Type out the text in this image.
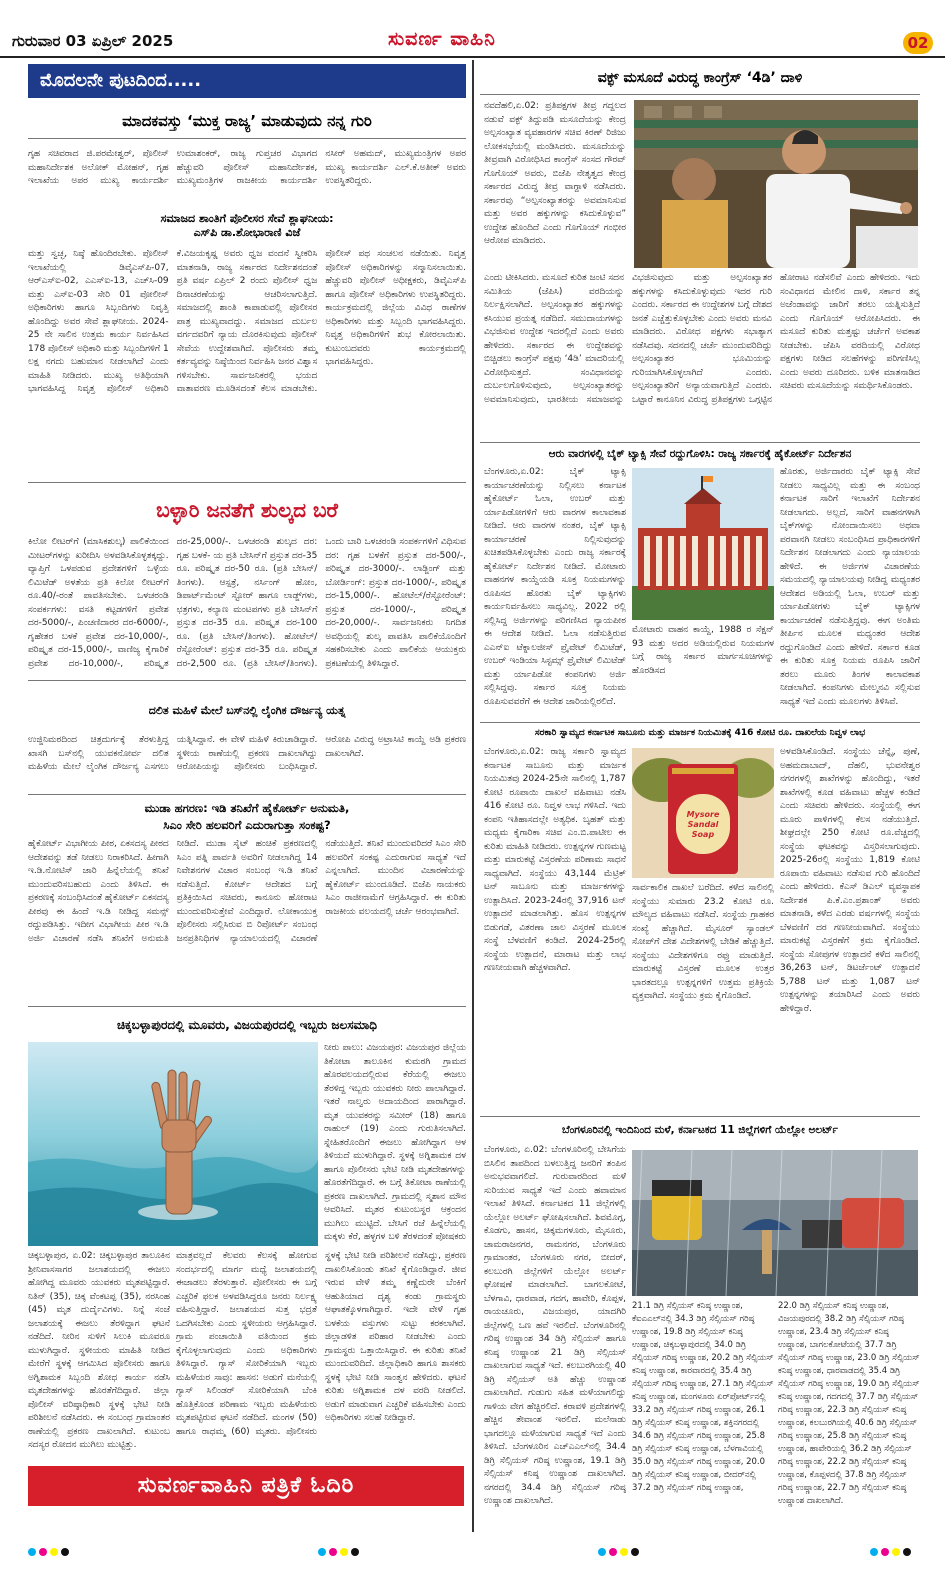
ಗುರುವಾರ 03 ಏಪ್ರಿಲ್ 2025	ಸುವರ್ಣ ವಾಹಿನಿ	02
ಮೊದಲನೇ ಪುಟದಿಂದ.....
ಮಾದಕವಸ್ತು ‘ಮುಕ್ತ ರಾಜ್ಯ’ ಮಾಡುವುದು ನನ್ನ ಗುರಿ
ಗೃಹ ಸಚಿವರಾದ ಜಿ.ಪರಮೇಶ್ವರ್, ಪೊಲೀಸ್ ಮಹಾನಿರ್ದೇಶಕ ಅಲೋಕ್ ಮೋಹನ್, ಗೃಹ ಇಲಾಖೆಯ ಅಪರ ಮುಖ್ಯ ಕಾರ್ಯದರ್ಶಿ ಉಮಾಶಂಕರ್, ರಾಜ್ಯ ಗುಪ್ತಚರ ವಿಭಾಗದ ಹೆಚ್ಚುವರಿ ಪೊಲೀಸ್ ಮಹಾನಿರ್ದೇಶಕ, ಮುಖ್ಯಮಂತ್ರಿಗಳ ರಾಜಕೀಯ ಕಾರ್ಯದರ್ಶಿ ನಸೀರ್ ಅಹಮದ್, ಮುಖ್ಯಮಂತ್ರಿಗಳ ಅಪರ ಮುಖ್ಯ ಕಾರ್ಯದರ್ಶಿ ಎಲ್.ಕೆ.ಅತೀಕ್ ಅವರು ಉಪಸ್ಥಿತರಿದ್ದರು.
ಸಮಾಜದ ಶಾಂತಿಗೆ ಪೊಲೀಸರ ಸೇವೆ ಶ್ಲಾಘನೀಯ:
ಎಸ್‌ಪಿ ಡಾ.ಶೋಭಾರಾಣಿ ವಿಜೆ
ಮತ್ತು ಸ್ವಚ್ಛ, ನಿಷ್ಠೆ ಹೊಂದಿರಬೇಕು. ಪೊಲೀಸ್ ಇಲಾಖೆಯಲ್ಲಿ ಡಿವೈಎಸ್‌ಪಿ-07, ಆರ್‌ಎಸ್‌ಐ-02, ಎಎಸ್‌ಐ-13, ಎಚ್‌ಸಿ-09 ಮತ್ತು ಎಸ್‌ಐ-03 ಸೇರಿ 01 ಪೋಲೀಸ್ ಅಧಿಕಾರಿಗಳು ಹಾಗೂ ಸಿಬ್ಬಂದಿಗಳು ನಿವೃತ್ತಿ ಹೊಂದಿದ್ದು ಅವರ ಸೇವೆ ಶ್ಲಾಘನೀಯ. 2024-25 ನೇ ಸಾಲಿನ ಉತ್ತಮ ಕಾರ್ಯ ನಿರ್ವಹಿಸಿದ 178 ಪೊಲೀಸ್ ಅಧಿಕಾರಿ ಮತ್ತು ಸಿಬ್ಬಂದಿಗಳಿಗೆ 1 ಲಕ್ಷ ನಗದು ಬಹುಮಾನ ನೀಡಲಾಗಿದೆ ಎಂದು ಮಾಹಿತಿ ನೀಡಿದರು. ಮುಖ್ಯ ಅತಿಥಿಯಾಗಿ ಭಾಗವಹಿಸಿದ್ದ ನಿವೃತ್ತ ಪೊಲೀಸ್ ಅಧಿಕಾರಿ ಕೆ.ವಿಜಯಕೃಷ್ಣ ಅವರು ಧ್ವಜ ವಂದನೆ ಸ್ವೀಕರಿಸಿ ಮಾತನಾಡಿ, ರಾಜ್ಯ ಸರ್ಕಾರದ ನಿರ್ದೇಶನದಂತೆ ಪ್ರತಿ ವರ್ಷ ಏಪ್ರಿಲ್ 2 ರಂದು ಪೊಲೀಸ್ ಧ್ವಜ ದಿನಾಚರಣೆಯನ್ನು ಆಚರಿಸಲಾಗುತ್ತಿದೆ. ಸಮಾಜದಲ್ಲಿ ಶಾಂತಿ ಕಾಪಾಡುವಲ್ಲಿ ಪೊಲೀಸರ ಪಾತ್ರ ಮುಖ್ಯವಾದದ್ದು. ಸಮಾಜದ ದುರ್ಬಲ ವರ್ಗದವರಿಗೆ ನ್ಯಾಯ ದೊರಕಿಸುವುದು ಪೊಲೀಸ್ ಸೇವೆಯ ಉದ್ದೇಶವಾಗಿದೆ. ಪೊಲೀಸರು ತಮ್ಮ ಕರ್ತವ್ಯವನ್ನು ನಿಷ್ಠೆಯಿಂದ ನಿರ್ವಹಿಸಿ ಜನರ ವಿಶ್ವಾಸ ಗಳಿಸಬೇಕು. ಸಾರ್ವಜನಿಕರಲ್ಲಿ ಭಯದ ವಾತಾವರಣ ಮೂಡಿಸದಂತೆ ಕೆಲಸ ಮಾಡಬೇಕು. ಪೊಲೀಸ್ ಪಥ ಸಂಚಲನ ನಡೆಯಿತು. ನಿವೃತ್ತ ಪೊಲೀಸ್ ಅಧಿಕಾರಿಗಳನ್ನು ಸನ್ಮಾನಿಸಲಾಯಿತು. ಹೆಚ್ಚುವರಿ ಪೊಲೀಸ್ ಅಧೀಕ್ಷಕರು, ಡಿವೈಎಸ್‌ಪಿ ಹಾಗೂ ಪೊಲೀಸ್ ಅಧಿಕಾರಿಗಳು ಉಪಸ್ಥಿತರಿದ್ದರು. ಕಾರ್ಯಕ್ರಮದಲ್ಲಿ ಜಿಲ್ಲೆಯ ವಿವಿಧ ಠಾಣೆಗಳ ಅಧಿಕಾರಿಗಳು ಮತ್ತು ಸಿಬ್ಬಂದಿ ಭಾಗವಹಿಸಿದ್ದರು. ನಿವೃತ್ತ ಅಧಿಕಾರಿಗಳಿಗೆ ಶುಭ ಕೋರಲಾಯಿತು. ಕುಟುಂಬದವರು ಕಾರ್ಯಕ್ರಮದಲ್ಲಿ ಭಾಗವಹಿಸಿದ್ದರು.
ಬಳ್ಳಾರಿ ಜನತೆಗೆ ಶುಲ್ಕದ ಬರೆ
ಕಿಲೋ ಲೀಟರ್‌ಗೆ (ಮಾಸಿಕಶುಲ್ಕ) ಪಾಲಿಕೆಯಿಂದ ಮೀಟರ್‌ಗಳನ್ನು ಖರೀದಿಸಿ ಅಳವಡಿಸಿಕೊಳ್ಳತಕ್ಕದ್ದು. ವ್ಯಾಪ್ತಿಗೆ ಒಳಪಡುವ ಪ್ರದೇಶಗಳಿಗೆ ಒಳ್ಳೆಯ ಲಿಮಿಟೆಡ್ ಅಳತೆಯ ಪ್ರತಿ ಕಿಲೋ ಲೀಟರ್‌ಗೆ ರೂ.40/-ರಂತೆ ಪಾವತಿಸಬೇಕು. ಒಳಚರಂಡಿ ಸಂಪರ್ಕಗಳು: ವಸತಿ ಕಟ್ಟಡಗಳಿಗೆ ಪ್ರವೇಶ ದರ-5000/-, ಪಿಂಚಣಿದಾರರ ದರ-6000/-, ಗೃಹೇತರ ಬಳಕೆ ಪ್ರವೇಶ ದರ-10,000/-, ಪರಿಷ್ಕೃತ ದರ-15,000/-, ವಾಣಿಜ್ಯ ಕೈಗಾರಿಕೆ ಪ್ರವೇಶ ದರ-10,000/-, ಪರಿಷ್ಕೃತ ದರ-25,000/-. ಒಳಚರಂಡಿ ಶುಲ್ಕದ ದರ: ಗೃಹ ಬಳಕೆ- ಯ ಪ್ರತಿ ಬೇಸಿನ್‌ಗೆ ಪ್ರಸ್ತುತ ದರ-35 ರೂ. ಪರಿಷ್ಕೃತ ದರ-50 ರೂ. (ಪ್ರತಿ ಬೇಸಿನ್/ತಿಂಗಳು). ಆಸ್ಪತ್ರೆ, ನರ್ಸಿಂಗ್ ಹೋಂ, ಡಿಪಾರ್ಟ್‌ಮೆಂಟ್ ಸ್ಟೋರ್ ಹಾಗೂ ಲಾಡ್ಜ್‌ಗಳು, ಛತ್ರಗಳು, ಕಲ್ಯಾಣ ಮಂಟಪಗಳು ಪ್ರತಿ ಬೇಸಿನ್‌ಗೆ ಪ್ರಸ್ತುತ ದರ-35 ರೂ. ಪರಿಷ್ಕೃತ ದರ-100 ರೂ. (ಪ್ರತಿ ಬೇಸಿನ್/ತಿಂಗಳು). ಹೋಟೆಲ್/ರೆಸ್ಟೋರೆಂಟ್: ಪ್ರಸ್ತುತ ದರ-35 ರೂ. ಪರಿಷ್ಕೃತ ದರ-2,500 ರೂ. (ಪ್ರತಿ ಬೇಸಿನ್/ತಿಂಗಳು). ಒಂದು ಬಾರಿ ಒಳಚರಂಡಿ ಸಂಪರ್ಕಗಳಿಗೆ ವಿಧಿಸುವ ದರ: ಗೃಹ ಬಳಕೆಗೆ ಪ್ರಸ್ತುತ ದರ-500/-, ಪರಿಷ್ಕೃತ ದರ-3000/-. ಲಾಡ್ಜಿಂಗ್ ಮತ್ತು ಬೋರ್ಡಿಂಗ್: ಪ್ರಸ್ತುತ ದರ-1000/-, ಪರಿಷ್ಕೃತ ದರ-15,000/-. ಹೋಟೆಲ್/ರೆಸ್ಟೋರೆಂಟ್: ಪ್ರಸ್ತುತ ದರ-1000/-, ಪರಿಷ್ಕೃತ ದರ-20,000/-. ಸಾರ್ವಜನಿಕರು ನಿಗದಿತ ಅವಧಿಯಲ್ಲಿ ಶುಲ್ಕ ಪಾವತಿಸಿ ಪಾಲಿಕೆಯೊಂದಿಗೆ ಸಹಕರಿಸಬೇಕು ಎಂದು ಪಾಲಿಕೆಯ ಆಯುಕ್ತರು ಪ್ರಕಟಣೆಯಲ್ಲಿ ತಿಳಿಸಿದ್ದಾರೆ.
ದಲಿತ ಮಹಿಳೆ ಮೇಲೆ ಬಸ್‌ನಲ್ಲಿ ಲೈಂಗಿಕ ದೌರ್ಜನ್ಯ ಯತ್ನ
ಉಜ್ಜಿನಿಮಠದಿಂದ ಚಿತ್ರದುರ್ಗಕ್ಕೆ ತೆರಳುತ್ತಿದ್ದ ಖಾಸಗಿ ಬಸ್‌ನಲ್ಲಿ ಯುವಕನೋರ್ವ ದಲಿತ ಮಹಿಳೆಯ ಮೇಲೆ ಲೈಂಗಿಕ ದೌರ್ಜನ್ಯ ಎಸಗಲು ಯತ್ನಿಸಿದ್ದಾನೆ. ಈ ವೇಳೆ ಮಹಿಳೆ ಕಿರುಚಾಡಿದ್ದಾರೆ. ಸ್ಥಳೀಯ ಠಾಣೆಯಲ್ಲಿ ಪ್ರಕರಣ ದಾಖಲಾಗಿದ್ದು ಆರೋಪಿಯನ್ನು ಪೊಲೀಸರು ಬಂಧಿಸಿದ್ದಾರೆ. ಆರೋಪಿ ವಿರುದ್ಧ ಅಟ್ರಾಸಿಟಿ ಕಾಯ್ದೆ ಅಡಿ ಪ್ರಕರಣ ದಾಖಲಾಗಿದೆ.
ಮುಡಾ ಹಗರಣ: ಇಡಿ ತನಿಖೆಗೆ ಹೈಕೋರ್ಟ್ ಅನುಮತಿ,
ಸಿಎಂ ಸೇರಿ ಹಲವರಿಗೆ ಎದುರಾಗುತ್ತಾ ಸಂಕಷ್ಟ?
ಹೈಕೋರ್ಟ್ ವಿಭಾಗೀಯ ಪೀಠ, ಏಕಸದಸ್ಯ ಪೀಠದ ಆದೇಶವನ್ನು ತಡೆ ನೀಡಲು ನಿರಾಕರಿಸಿದೆ. ಹೀಗಾಗಿ ಇ.ಡಿ.ನೋಟಿಸ್ ಜಾರಿ ಹಿನ್ನೆಲೆಯಲ್ಲಿ ತನಿಖೆ ಮುಂದುವರಿಸಬಹುದು ಎಂದು ತಿಳಿಸಿದೆ. ಈ ಪ್ರಕರಣಕ್ಕೆ ಸಂಬಂಧಿಸಿದಂತೆ ಹೈಕೋರ್ಟ್ ಏಕಸದಸ್ಯ ಪೀಠವು ಈ ಹಿಂದೆ ಇ.ಡಿ ನೀಡಿದ್ದ ಸಮನ್ಸ್ ರದ್ದುಪಡಿಸಿತ್ತು. ಇದೀಗ ವಿಭಾಗೀಯ ಪೀಠ ಇ.ಡಿ ಅರ್ಜಿ ವಿಚಾರಣೆ ನಡೆಸಿ ತನಿಖೆಗೆ ಅನುಮತಿ ನೀಡಿದೆ. ಮುಡಾ ಸೈಟ್ ಹಂಚಿಕೆ ಪ್ರಕರಣದಲ್ಲಿ ಸಿಎಂ ಪತ್ನಿ ಪಾರ್ವತಿ ಅವರಿಗೆ ನೀಡಲಾಗಿದ್ದ 14 ನಿವೇಶನಗಳ ವಿಚಾರ ಸಂಬಂಧ ಇ.ಡಿ ತನಿಖೆ ನಡೆಸುತ್ತಿದೆ. ಕೋರ್ಟ್ ಆದೇಶದ ಬಗ್ಗೆ ಪ್ರತಿಕ್ರಿಯಿಸಿದ ಸಚಿವರು, ಕಾನೂನು ಹೋರಾಟ ಮುಂದುವರಿಸುತ್ತೇವೆ ಎಂದಿದ್ದಾರೆ. ಲೋಕಾಯುಕ್ತ ಪೊಲೀಸರು ಸಲ್ಲಿಸಿರುವ ಬಿ ರಿಪೋರ್ಟ್ ಸಂಬಂಧ ಜನಪ್ರತಿನಿಧಿಗಳ ನ್ಯಾಯಾಲಯದಲ್ಲಿ ವಿಚಾರಣೆ ನಡೆಯುತ್ತಿದೆ. ತನಿಖೆ ಮುಂದುವರಿದರೆ ಸಿಎಂ ಸೇರಿ ಹಲವರಿಗೆ ಸಂಕಷ್ಟ ಎದುರಾಗುವ ಸಾಧ್ಯತೆ ಇದೆ ಎನ್ನಲಾಗಿದೆ. ಮುಂದಿನ ವಿಚಾರಣೆಯನ್ನು ಹೈಕೋರ್ಟ್ ಮುಂದೂಡಿದೆ. ಬಿಜೆಪಿ ನಾಯಕರು ಸಿಎಂ ರಾಜೀನಾಮೆಗೆ ಆಗ್ರಹಿಸಿದ್ದಾರೆ. ಈ ಕುರಿತು ರಾಜಕೀಯ ವಲಯದಲ್ಲಿ ಚರ್ಚೆ ಆರಂಭವಾಗಿದೆ.
ಚಿಕ್ಕಬಳ್ಳಾಪುರದಲ್ಲಿ ಮೂವರು, ವಿಜಯಪುರದಲ್ಲಿ ಇಬ್ಬರು ಜಲಸಮಾಧಿ
ನೀರು ಪಾಲು: ವಿಜಯಪುರ: ವಿಜಯಪುರ ಜಿಲ್ಲೆಯ ತಿಕೋಟಾ ತಾಲೂಕಿನ ಕುಮಠಗಿ ಗ್ರಾಮದ ಹೊರವಲಯದಲ್ಲಿರುವ ಕೆರೆಯಲ್ಲಿ ಈಜಲು ತೆರಳಿದ್ದ ಇಬ್ಬರು ಯುವಕರು ನೀರು ಪಾಲಾಗಿದ್ದಾರೆ. ಇತರೆ ನಾಲ್ವರು ಅದಾಯದಿಂದ ಪಾರಾಗಿದ್ದಾರೆ. ಮೃತ ಯುವಕರನ್ನು ಸಮೀರ್ (18) ಹಾಗೂ ರಾಹುಲ್ (19) ಎಂದು ಗುರುತಿಸಲಾಗಿದೆ. ಸ್ನೇಹಿತರೊಂದಿಗೆ ಈಜಲು ಹೋಗಿದ್ದಾಗ ಆಳ ತಿಳಿಯದೆ ಮುಳುಗಿದ್ದಾರೆ. ಸ್ಥಳಕ್ಕೆ ಅಗ್ನಿಶಾಮಕ ದಳ ಹಾಗೂ ಪೊಲೀಸರು ಭೇಟಿ ನೀಡಿ ಮೃತದೇಹಗಳನ್ನು ಹೊರತೆಗೆದಿದ್ದಾರೆ. ಈ ಬಗ್ಗೆ ತಿಕೋಟಾ ಠಾಣೆಯಲ್ಲಿ ಪ್ರಕರಣ ದಾಖಲಾಗಿದೆ. ಗ್ರಾಮದಲ್ಲಿ ಸ್ಮಶಾನ ಮೌನ ಆವರಿಸಿದೆ. ಮೃತರ ಕುಟುಂಬಸ್ಥರ ಆಕ್ರಂದನ ಮುಗಿಲು ಮುಟ್ಟಿದೆ. ಬೇಸಿಗೆ ರಜೆ ಹಿನ್ನೆಲೆಯಲ್ಲಿ ಮಕ್ಕಳು ಕೆರೆ, ಹಳ್ಳಗಳ ಬಳಿ ತೆರಳದಂತೆ ಪೋಷಕರು
ಚಿಕ್ಕಬಳ್ಳಾಪುರ, ಏ.02: ಚಿಕ್ಕಬಳ್ಳಾಪುರ ತಾಲೂಕಿನ ಶ್ರೀನಿವಾಸಸಾಗರ ಜಲಾಶಯದಲ್ಲಿ ಈಜಲು ಹೋಗಿದ್ದ ಮೂವರು ಯುವಕರು ಮೃತಪಟ್ಟಿದ್ದಾರೆ. ನಿತಿನ್ (35), ಚಿಕ್ಕ ವೆಂಕಟಪ್ಪ (35), ನರಸಿಂಹ (45) ಮೃತ ದುರ್ದೈವಿಗಳು. ನಿನ್ನೆ ಸಂಜೆ ಜಲಾಶಯಕ್ಕೆ ಈಜಲು ತೆರಳಿದ್ದಾಗ ಘಟನೆ ನಡೆದಿದೆ. ನೀರಿನ ಸುಳಿಗೆ ಸಿಲುಕಿ ಮೂವರೂ ಮುಳುಗಿದ್ದಾರೆ. ಸ್ಥಳೀಯರು ಮಾಹಿತಿ ನೀಡಿದ ಮೇರೆಗೆ ಸ್ಥಳಕ್ಕೆ ಆಗಮಿಸಿದ ಪೊಲೀಸರು ಹಾಗೂ ಅಗ್ನಿಶಾಮಕ ಸಿಬ್ಬಂದಿ ಶೋಧ ಕಾರ್ಯ ನಡೆಸಿ ಮೃತದೇಹಗಳನ್ನು ಹೊರತೆಗೆದಿದ್ದಾರೆ. ಜಿಲ್ಲಾ ಪೊಲೀಸ್ ವರಿಷ್ಠಾಧಿಕಾರಿ ಸ್ಥಳಕ್ಕೆ ಭೇಟಿ ನೀಡಿ ಪರಿಶೀಲನೆ ನಡೆಸಿದರು. ಈ ಸಂಬಂಧ ಗ್ರಾಮಾಂತರ ಠಾಣೆಯಲ್ಲಿ ಪ್ರಕರಣ ದಾಖಲಾಗಿದೆ. ಕುಟುಂಬ ಸದಸ್ಯರ ರೋದನ ಮುಗಿಲು ಮುಟ್ಟಿತ್ತು.
ಮಾತ್ರವಲ್ಲದೆ ಕೆಲವರು ಕೆಲಸಕ್ಕೆ ಹೋಗುವ ಸಂದರ್ಭದಲ್ಲಿ ಮಾರ್ಗ ಮಧ್ಯೆ ಜಲಾಶಯದಲ್ಲಿ ಈಜಾಡಲು ತೆರಳುತ್ತಾರೆ. ಪೋಲೀಸರು ಈ ಬಗ್ಗೆ ಎಚ್ಚರಿಕೆ ಫಲಕ ಅಳವಡಿಸಿದ್ದರೂ ಜನರು ನಿರ್ಲಕ್ಷ್ಯ ವಹಿಸುತ್ತಿದ್ದಾರೆ. ಜಲಾಶಯದ ಸುತ್ತ ಭದ್ರತೆ ಒದಗಿಸಬೇಕು ಎಂದು ಸ್ಥಳೀಯರು ಆಗ್ರಹಿಸಿದ್ದಾರೆ. ಗ್ರಾಮ ಪಂಚಾಯಿತಿ ವತಿಯಿಂದ ಕ್ರಮ ಕೈಗೊಳ್ಳಲಾಗುವುದು ಎಂದು ಅಧಿಕಾರಿಗಳು ತಿಳಿಸಿದ್ದಾರೆ. ಗ್ಯಾಸ್ ಸೋರಿಕೆಯಾಗಿ ಇಬ್ಬರು ಮಹಿಳೆಯರ ಸಾವು: ಹಾಸನ: ಅಡುಗೆ ಮನೆಯಲ್ಲಿ ಗ್ಯಾಸ್ ಸಿಲಿಂಡರ್ ಸೋರಿಕೆಯಾಗಿ ಬೆಂಕಿ ಹೊತ್ತಿಕೊಂಡ ಪರಿಣಾಮ ಇಬ್ಬರು ಮಹಿಳೆಯರು ಮೃತಪಟ್ಟಿರುವ ಘಟನೆ ನಡೆದಿದೆ. ಮಂಗಳ (50) ಹಾಗೂ ರಾಧಮ್ಮ (60) ಮೃತರು. ಪೊಲೀಸರು ಸ್ಥಳಕ್ಕೆ ಭೇಟಿ ನೀಡಿ ಪರಿಶೀಲನೆ ನಡೆಸಿದ್ದು, ಪ್ರಕರಣ ದಾಖಲಿಸಿಕೊಂಡು ತನಿಖೆ ಕೈಗೊಂಡಿದ್ದಾರೆ. ಜೀವ ಇರುವ ವೇಳೆ ತಮ್ಮ ಕಣ್ಣೆದುರೇ ಬೆಂಕಿಗೆ ಆಹುತಿಯಾದ ದೃಶ್ಯ ಕಂಡು ಗ್ರಾಮಸ್ಥರು ಆಘಾತಕ್ಕೊಳಗಾಗಿದ್ದಾರೆ. ಇದೇ ವೇಳೆ ಗೃಹ ಬಳಕೆಯ ವಸ್ತುಗಳು ಸುಟ್ಟು ಕರಕಲಾಗಿವೆ. ಜಿಲ್ಲಾಡಳಿತ ಪರಿಹಾರ ನೀಡಬೇಕು ಎಂದು ಗ್ರಾಮಸ್ಥರು ಒತ್ತಾಯಿಸಿದ್ದಾರೆ. ಈ ಕುರಿತು ತನಿಖೆ ಮುಂದುವರಿದಿದೆ. ಜಿಲ್ಲಾಧಿಕಾರಿ ಹಾಗೂ ಶಾಸಕರು ಸ್ಥಳಕ್ಕೆ ಭೇಟಿ ನೀಡಿ ಸಾಂತ್ವನ ಹೇಳಿದರು. ಘಟನೆ ಕುರಿತು ಅಗ್ನಿಶಾಮಕ ದಳ ವರದಿ ನೀಡಲಿದೆ. ಅಡುಗೆ ಮಾಡುವಾಗ ಎಚ್ಚರಿಕೆ ವಹಿಸಬೇಕು ಎಂದು ಅಧಿಕಾರಿಗಳು ಸಲಹೆ ನೀಡಿದ್ದಾರೆ.
ಸುವರ್ಣವಾಹಿನಿ ಪತ್ರಿಕೆ ಓದಿರಿ
ವಕ್ಫ್ ಮಸೂದೆ ವಿರುದ್ಧ ಕಾಂಗ್ರೆಸ್ ‘4ಡಿ’ ದಾಳಿ
ನವದೆಹಲಿ,ಏ.02: ಪ್ರತಿಪಕ್ಷಗಳ ತೀವ್ರ ಗದ್ದಲದ ನಡುವೆ ವಕ್ಫ್ ತಿದ್ದುಪಡಿ ಮಸೂದೆಯನ್ನು ಕೇಂದ್ರ ಅಲ್ಪಸಂಖ್ಯಾತ ವ್ಯವಹಾರಗಳ ಸಚಿವ ಕಿರಣ್ ರಿಜಿಜು ಲೋಕಸಭೆಯಲ್ಲಿ ಮಂಡಿಸಿದರು. ಮಸೂದೆಯನ್ನು ತೀವ್ರವಾಗಿ ವಿರೋಧಿಸಿದ ಕಾಂಗ್ರೆಸ್ ಸಂಸದ ಗೌರವ್ ಗೊಗೊಯ್ ಅವರು, ಬಿಜೆಪಿ ನೇತೃತ್ವದ ಕೇಂದ್ರ ಸರ್ಕಾರದ ವಿರುದ್ಧ ತೀವ್ರ ವಾಗ್ದಾಳಿ ನಡೆಸಿದರು. ಸರ್ಕಾರವು “ಅಲ್ಪಸಂಖ್ಯಾತರನ್ನು ಅವಮಾನಿಸುವ ಮತ್ತು ಅವರ ಹಕ್ಕುಗಳನ್ನು ಕಸಿದುಕೊಳ್ಳುವ” ಉದ್ದೇಶ ಹೊಂದಿದೆ ಎಂದು ಗೊಗೊಯ್ ಗಂಭೀರ ಆರೋಪ ಮಾಡಿದರು.
ಎಂದು ಟೀಕಿಸಿದರು. ಮಸೂದೆ ಕುರಿತ ಜಂಟಿ ಸದನ ಸಮಿತಿಯ (ಜೆಪಿಸಿ) ವರದಿಯನ್ನು ನಿರ್ಲಕ್ಷಿಸಲಾಗಿದೆ. ಅಲ್ಪಸಂಖ್ಯಾತರ ಹಕ್ಕುಗಳನ್ನು ಕಸಿಯುವ ಪ್ರಯತ್ನ ನಡೆದಿದೆ. ಸಮುದಾಯಗಳನ್ನು ವಿಭಜಿಸುವ ಉದ್ದೇಶ ಇದರಲ್ಲಿದೆ ಎಂದು ಅವರು ಹೇಳಿದರು. ಸರ್ಕಾರದ ಈ ಉದ್ದೇಶವನ್ನು ಬಿಚ್ಚಿಡಲು ಕಾಂಗ್ರೆಸ್ ಪಕ್ಷವು ‘4ಡಿ’ ಮಾದರಿಯಲ್ಲಿ ವಿರೋಧಿಸುತ್ತದೆ. ಸಂವಿಧಾನವನ್ನು ದುರ್ಬಲಗೊಳಿಸುವುದು, ಅಲ್ಪಸಂಖ್ಯಾತರನ್ನು ಅವಮಾನಿಸುವುದು, ಭಾರತೀಯ ಸಮಾಜವನ್ನು ವಿಭಜಿಸುವುದು ಮತ್ತು ಅಲ್ಪಸಂಖ್ಯಾತರ ಹಕ್ಕುಗಳನ್ನು ಕಸಿದುಕೊಳ್ಳುವುದು ಇದರ ಗುರಿ ಎಂದರು. ಸರ್ಕಾರದ ಈ ಉದ್ದೇಶಗಳ ಬಗ್ಗೆ ದೇಶದ ಜನತೆ ಎಚ್ಚೆತ್ತುಕೊಳ್ಳಬೇಕು ಎಂದು ಅವರು ಮನವಿ ಮಾಡಿದರು. ವಿರೋಧ ಪಕ್ಷಗಳು ಸಭಾತ್ಯಾಗ ನಡೆಸಿದವು. ಸದನದಲ್ಲಿ ಚರ್ಚೆ ಮುಂದುವರಿದಿದ್ದು ಅಲ್ಪಸಂಖ್ಯಾತರ ಭೂಮಿಯನ್ನು ಗುರಿಯಾಗಿಸಿಕೊಳ್ಳಲಾಗಿದೆ ಎಂದರು. ಅಲ್ಪಸಂಖ್ಯಾತರಿಗೆ ಅನ್ಯಾಯವಾಗುತ್ತಿದೆ ಎಂದರು. ಒಟ್ಟಾರೆ ಕಾನೂನಿನ ವಿರುದ್ಧ ಪ್ರತಿಪಕ್ಷಗಳು ಒಗ್ಗಟ್ಟಿನ ಹೋರಾಟ ನಡೆಸಲಿವೆ ಎಂದು ಹೇಳಿದರು. ಇದು ಸಂವಿಧಾನದ ಮೇಲಿನ ದಾಳಿ, ಸರ್ಕಾರ ತನ್ನ ಅಜೆಂಡಾವನ್ನು ಜಾರಿಗೆ ತರಲು ಯತ್ನಿಸುತ್ತಿದೆ ಎಂದು ಗೊಗೊಯ್ ಆರೋಪಿಸಿದರು. ಈ ಮಸೂದೆ ಕುರಿತು ಮತ್ತಷ್ಟು ಚರ್ಚೆಗೆ ಅವಕಾಶ ನೀಡಬೇಕು. ಜೆಪಿಸಿ ವರದಿಯಲ್ಲಿ ವಿರೋಧ ಪಕ್ಷಗಳು ನೀಡಿದ ಸಲಹೆಗಳನ್ನು ಪರಿಗಣಿಸಿಲ್ಲ ಎಂದು ಅವರು ದೂರಿದರು. ಬಳಿಕ ಮಾತನಾಡಿದ ಸಚಿವರು ಮಸೂದೆಯನ್ನು ಸಮರ್ಥಿಸಿಕೊಂಡರು.
ಆರು ವಾರಗಳಲ್ಲಿ ಬೈಕ್ ಟ್ಯಾಕ್ಸಿ ಸೇವೆ ರದ್ದುಗೊಳಿಸಿ: ರಾಜ್ಯ ಸರ್ಕಾರಕ್ಕೆ ಹೈಕೋರ್ಟ್ ನಿರ್ದೇಶನ
ಬೆಂಗಳೂರು,ಏ.02: ಬೈಕ್ ಟ್ಯಾಕ್ಸಿ ಕಾರ್ಯಾಚರಣೆಯನ್ನು ನಿಲ್ಲಿಸಲು ಕರ್ನಾಟಕ ಹೈಕೋರ್ಟ್ ಓಲಾ, ಉಬರ್ ಮತ್ತು ರ್ಯಾಪಿಡೋಗಳಿಗೆ ಆರು ವಾರಗಳ ಕಾಲಾವಕಾಶ ನೀಡಿದೆ. ಆರು ವಾರಗಳ ನಂತರ, ಬೈಕ್ ಟ್ಯಾಕ್ಸಿ ಕಾರ್ಯಾಚರಣೆ ನಿಲ್ಲಿಸುವುದನ್ನು ಖಚಿತಪಡಿಸಿಕೊಳ್ಳಬೇಕು ಎಂದು ರಾಜ್ಯ ಸರ್ಕಾರಕ್ಕೆ ಹೈಕೋರ್ಟ್ ನಿರ್ದೇಶನ ನೀಡಿದೆ. ಮೋಟಾರು ವಾಹನಗಳ ಕಾಯ್ದೆಯಡಿ ಸೂಕ್ತ ನಿಯಮಗಳನ್ನು ರೂಪಿಸದ ಹೊರತು ಬೈಕ್ ಟ್ಯಾಕ್ಸಿಗಳು ಕಾರ್ಯನಿರ್ವಹಿಸಲು ಸಾಧ್ಯವಿಲ್ಲ. 2022 ರಲ್ಲಿ ಸಲ್ಲಿಸಿದ್ದ ಅರ್ಜಿಗಳನ್ನು ಪರಿಗಣಿಸಿದ ನ್ಯಾಯಪೀಠ ಈ ಆದೇಶ ನೀಡಿದೆ. ಓಲಾ ನಡೆಸುತ್ತಿರುವ ಎಎನ್‌ಐ ಟೆಕ್ನಾಲಜೀಸ್ ಪ್ರೈವೇಟ್ ಲಿಮಿಟೆಡ್, ಉಬರ್ ಇಂಡಿಯಾ ಸಿಸ್ಟಮ್ಸ್ ಪ್ರೈವೇಟ್ ಲಿಮಿಟೆಡ್ ಮತ್ತು ರ್ಯಾಪಿಡೋ ಕಂಪನಿಗಳು ಅರ್ಜಿ ಸಲ್ಲಿಸಿದ್ದವು. ಸರ್ಕಾರ ಸೂಕ್ತ ನಿಯಮ ರೂಪಿಸುವವರೆಗೆ ಈ ಆದೇಶ ಜಾರಿಯಲ್ಲಿರಲಿದೆ.
ಮೋಟಾರು ವಾಹನ ಕಾಯ್ದೆ, 1988 ರ ಸೆಕ್ಷನ್ 93 ಮತ್ತು ಅದರ ಅಡಿಯಲ್ಲಿರುವ ನಿಯಮಗಳ ಬಗ್ಗೆ ರಾಜ್ಯ ಸರ್ಕಾರ ಮಾರ್ಗಸೂಚಿಗಳನ್ನು ಹೊರಡಿಸದ
ಹೊರತು, ಅರ್ಜಿದಾರರು ಬೈಕ್ ಟ್ಯಾಕ್ಸಿ ಸೇವೆ ನೀಡಲು ಸಾಧ್ಯವಿಲ್ಲ ಮತ್ತು ಈ ಸಂಬಂಧ ಕರ್ನಾಟಕ ಸಾರಿಗೆ ಇಲಾಖೆಗೆ ನಿರ್ದೇಶನ ನೀಡಲಾಗದು. ಅಲ್ಲದೆ, ಸಾರಿಗೆ ವಾಹನಗಳಾಗಿ ಬೈಕ್‌ಗಳನ್ನು ನೋಂದಾಯಿಸಲು ಅಥವಾ ಪರವಾನಗಿ ನೀಡಲು ಸಂಬಂಧಿಸಿದ ಪ್ರಾಧಿಕಾರಗಳಿಗೆ ನಿರ್ದೇಶನ ನೀಡಲಾಗದು ಎಂದು ನ್ಯಾಯಾಲಯ ಹೇಳಿದೆ. ಈ ಅರ್ಜಿಗಳ ವಿಚಾರಣೆಯ ಸಮಯದಲ್ಲಿ ನ್ಯಾಯಾಲಯವು ನೀಡಿದ್ದ ಮಧ್ಯಂತರ ಆದೇಶದ ಅಡಿಯಲ್ಲಿ ಓಲಾ, ಉಬರ್ ಮತ್ತು ರ್ಯಾಪಿಡೋಗಳು ಬೈಕ್ ಟ್ಯಾಕ್ಸಿಗಳ ಕಾರ್ಯಾಚರಣೆ ನಡೆಸುತ್ತಿದ್ದವು. ಈಗ ಅಂತಿಮ ತೀರ್ಪಿನ ಮೂಲಕ ಮಧ್ಯಂತರ ಆದೇಶ ರದ್ದುಗೊಂಡಿದೆ ಎಂದು ಹೇಳಿದೆ. ಸರ್ಕಾರ ಕೂಡ ಈ ಕುರಿತು ಸೂಕ್ತ ನಿಯಮ ರೂಪಿಸಿ ಜಾರಿಗೆ ತರಲು ಮೂರು ತಿಂಗಳ ಕಾಲಾವಕಾಶ ನೀಡಲಾಗಿದೆ. ಕಂಪನಿಗಳು ಮೇಲ್ಮನವಿ ಸಲ್ಲಿಸುವ ಸಾಧ್ಯತೆ ಇದೆ ಎಂದು ಮೂಲಗಳು ತಿಳಿಸಿವೆ.
ಸರಕಾರಿ ಸ್ವಾಮ್ಯದ ಕರ್ನಾಟಕ ಸಾಬೂನು ಮತ್ತು ಮಾರ್ಜಕ ನಿಯಮಿತಕ್ಕೆ 416 ಕೋಟಿ ರೂ. ದಾಖಲೆಯ ನಿವ್ವಳ ಲಾಭ
ಬೆಂಗಳೂರು,ಏ.02: ರಾಜ್ಯ ಸರ್ಕಾರಿ ಸ್ವಾಮ್ಯದ ಕರ್ನಾಟಕ ಸಾಬೂನು ಮತ್ತು ಮಾರ್ಜಕ ನಿಯಮಿತವು 2024-25ನೇ ಸಾಲಿನಲ್ಲಿ 1,787 ಕೋಟಿ ರೂಪಾಯಿ ದಾಖಲೆ ವಹಿವಾಟು ನಡೆಸಿ 416 ಕೋಟಿ ರೂ. ನಿವ್ವಳ ಲಾಭ ಗಳಿಸಿದೆ. ಇದು ಕಂಪನಿ ಇತಿಹಾಸದಲ್ಲೇ ಅತ್ಯಧಿಕ. ಬೃಹತ್ ಮತ್ತು ಮಧ್ಯಮ ಕೈಗಾರಿಕಾ ಸಚಿವ ಎಂ.ಬಿ.ಪಾಟೀಲ ಈ ಕುರಿತು ಮಾಹಿತಿ ನೀಡಿದರು. ಉತ್ಪನ್ನಗಳ ಗುಣಮಟ್ಟ ಮತ್ತು ಮಾರುಕಟ್ಟೆ ವಿಸ್ತರಣೆಯ ಪರಿಣಾಮ ಸಾಧನೆ ಸಾಧ್ಯವಾಗಿದೆ. ಸಂಸ್ಥೆಯು 43,144 ಮೆಟ್ರಿಕ್ ಟನ್ ಸಾಬೂನು ಮತ್ತು ಮಾರ್ಜಕಗಳನ್ನು ಉತ್ಪಾದಿಸಿದೆ. 2023-24ರಲ್ಲಿ 37,916 ಟನ್ ಉತ್ಪಾದನೆ ಮಾಡಲಾಗಿತ್ತು. ಹೊಸ ಉತ್ಪನ್ನಗಳ ಬಿಡುಗಡೆ, ವಿತರಣಾ ಜಾಲ ವಿಸ್ತರಣೆ ಮೂಲಕ ಸಂಸ್ಥೆ ಬೆಳವಣಿಗೆ ಕಂಡಿದೆ. 2024-25ರಲ್ಲಿ ಸಂಸ್ಥೆಯ ಉತ್ಪಾದನೆ, ಮಾರಾಟ ಮತ್ತು ಲಾಭ ಗಣನೀಯವಾಗಿ ಹೆಚ್ಚಳವಾಗಿದೆ.
Mysore Sandal Soap
ಸಾರ್ವಕಾಲಿಕ ದಾಖಲೆ ಬರೆದಿದೆ. ಕಳೆದ ಸಾಲಿನಲ್ಲಿ ಸಂಸ್ಥೆಯು ಸುಮಾರು 23.2 ಕೋಟಿ ರೂ. ಮೌಲ್ಯದ ವಹಿವಾಟು ನಡೆಸಿದೆ. ಸಂಸ್ಥೆಯ ಗ್ರಾಹಕರ ಸಂಖ್ಯೆ ಹೆಚ್ಚಾಗಿದೆ. ಮೈಸೂರ್ ಸ್ಯಾಂಡಲ್ ಸೋಪ್‌ಗೆ ದೇಶ ವಿದೇಶಗಳಲ್ಲಿ ಬೇಡಿಕೆ ಹೆಚ್ಚುತ್ತಿದೆ. ಸಂಸ್ಥೆಯು ವಿದೇಶಗಳಿಗೂ ರಫ್ತು ಮಾಡುತ್ತಿದೆ. ಮಾರುಕಟ್ಟೆ ವಿಸ್ತರಣೆ ಮೂಲಕ ಉತ್ತರ ಭಾರತದಲ್ಲೂ ಉತ್ಪನ್ನಗಳಿಗೆ ಉತ್ತಮ ಪ್ರತಿಕ್ರಿಯೆ ವ್ಯಕ್ತವಾಗಿದೆ. ಸಂಸ್ಥೆಯು ಕ್ರಮ ಕೈಗೊಂಡಿದೆ.
ಅಳವಡಿಸಿಕೊಂಡಿದೆ. ಸಂಸ್ಥೆಯು ಚೆನ್ನೈ, ಪುಣೆ, ಅಹಮದಾಬಾದ್, ದೆಹಲಿ, ಭುವನೇಶ್ವರ ನಗರಗಳಲ್ಲಿ ಶಾಖೆಗಳನ್ನು ಹೊಂದಿದ್ದು, ಇತರೆ ಶಾಖೆಗಳಲ್ಲಿ ಕೂಡ ವಹಿವಾಟು ಹೆಚ್ಚಳ ಕಂಡಿದೆ ಎಂದು ಸಚಿವರು ಹೇಳಿದರು. ಸಂಸ್ಥೆಯಲ್ಲಿ ಈಗ ಮೂರು ಪಾಳಿಗಳಲ್ಲಿ ಕೆಲಸ ನಡೆಯುತ್ತಿದೆ. ಶೀಘ್ರದಲ್ಲೇ 250 ಕೋಟಿ ರೂ.ವೆಚ್ಚದಲ್ಲಿ ಸಂಸ್ಥೆಯ ಘಟಕವನ್ನು ವಿಸ್ತರಿಸಲಾಗುವುದು. 2025-26ರಲ್ಲಿ ಸಂಸ್ಥೆಯು 1,819 ಕೋಟಿ ರೂಪಾಯಿ ವಹಿವಾಟು ನಡೆಸುವ ಗುರಿ ಹೊಂದಿದೆ ಎಂದು ಹೇಳಿದರು. ಕೆಎಸ್ ಡಿಎಲ್ ವ್ಯವಸ್ಥಾಪಕ ನಿರ್ದೇಶಕ ಪಿ.ಕೆ.ಎಂ.ಪ್ರಶಾಂತ್ ಅವರು ಮಾತನಾಡಿ, ಕಳೆದ ಎರಡು ವರ್ಷಗಳಲ್ಲಿ ಸಂಸ್ಥೆಯ ಬೆಳವಣಿಗೆ ದರ ಗಣನೀಯವಾಗಿದೆ. ಸಂಸ್ಥೆಯು ಮಾರುಕಟ್ಟೆ ವಿಸ್ತರಣೆಗೆ ಕ್ರಮ ಕೈಗೊಂಡಿದೆ. ಸಂಸ್ಥೆಯ ಸೋಪುಗಳ ಉತ್ಪಾದನೆ ಕಳೆದ ಸಾಲಿನಲ್ಲಿ 36,263 ಟನ್, ಡಿಟರ್ಜೆಂಟ್ ಉತ್ಪಾದನೆ 5,788 ಟನ್ ಮತ್ತು 1,087 ಟನ್ ಉತ್ಪನ್ನಗಳನ್ನು ತಯಾರಿಸಿದೆ ಎಂದು ಅವರು ಹೇಳಿದ್ದಾರೆ.
ಬೆಂಗಳೂರಿನಲ್ಲಿ ಇಂದಿನಿಂದ ಮಳೆ, ಕರ್ನಾಟಕದ 11 ಜಿಲ್ಲೆಗಳಿಗೆ ಯೆಲ್ಲೋ ಅಲರ್ಟ್
ಬೆಂಗಳೂರು, ಏ.02: ಬೆಂಗಳೂರಿನಲ್ಲಿ ಬೇಸಿಗೆಯ ಬಿಸಿಲಿನ ತಾಪದಿಂದ ಬಳಲುತ್ತಿದ್ದ ಜನರಿಗೆ ತಂಪಿನ ಅನುಭವವಾಗಲಿದೆ. ಗುರುವಾರದಿಂದ ಮಳೆ ಸುರಿಯುವ ಸಾಧ್ಯತೆ ಇದೆ ಎಂದು ಹವಾಮಾನ ಇಲಾಖೆ ತಿಳಿಸಿದೆ. ಕರ್ನಾಟಕದ 11 ಜಿಲ್ಲೆಗಳಲ್ಲಿ ಯೆಲ್ಲೋ ಅಲರ್ಟ್ ಘೋಷಿಸಲಾಗಿದೆ. ಶಿವಮೊಗ್ಗ, ಕೊಡಗು, ಹಾಸನ, ಚಿಕ್ಕಮಗಳೂರು, ಮೈಸೂರು, ಚಾಮರಾಜನಗರ, ರಾಮನಗರ, ಬೆಂಗಳೂರು ಗ್ರಾಮಾಂತರ, ಬೆಂಗಳೂರು ನಗರ, ಬೀದರ್, ಕಲಬುರಗಿ ಜಿಲ್ಲೆಗಳಿಗೆ ಯೆಲ್ಲೋ ಅಲರ್ಟ್ ಘೋಷಣೆ ಮಾಡಲಾಗಿದೆ. ಬಾಗಲಕೋಟೆ, ಬೆಳಗಾವಿ, ಧಾರವಾಡ, ಗದಗ, ಹಾವೇರಿ, ಕೊಪ್ಪಳ, ರಾಯಚೂರು, ವಿಜಯಪುರ, ಯಾದಗಿರಿ ಜಿಲ್ಲೆಗಳಲ್ಲಿ ಒಣ ಹವೆ ಇರಲಿದೆ. ಬೆಂಗಳೂರಿನಲ್ಲಿ ಗರಿಷ್ಠ ಉಷ್ಣಾಂಶ 34 ಡಿಗ್ರಿ ಸೆಲ್ಸಿಯಸ್ ಹಾಗೂ ಕನಿಷ್ಠ ಉಷ್ಣಾಂಶ 21 ಡಿಗ್ರಿ ಸೆಲ್ಸಿಯಸ್ ದಾಖಲಾಗುವ ಸಾಧ್ಯತೆ ಇದೆ. ಕಲಬುರಗಿಯಲ್ಲಿ 40 ಡಿಗ್ರಿ ಸೆಲ್ಸಿಯಸ್ ಅತಿ ಹೆಚ್ಚು ಉಷ್ಣಾಂಶ ದಾಖಲಾಗಿದೆ. ಗುಡುಗು ಸಹಿತ ಮಳೆಯಾಗಲಿದ್ದು ಗಾಳಿಯ ವೇಗ ಹೆಚ್ಚಿರಲಿದೆ. ಕರಾವಳಿ ಪ್ರದೇಶಗಳಲ್ಲಿ ಹೆಚ್ಚಿನ ತೇವಾಂಶ ಇರಲಿದೆ. ಮಲೆನಾಡು ಭಾಗದಲ್ಲೂ ಮಳೆಯಾಗುವ ಸಾಧ್ಯತೆ ಇದೆ ಎಂದು ತಿಳಿಸಿದೆ. ಬೆಂಗಳೂರಿನ ಎಚ್‌ಎಎಲ್‌ನಲ್ಲಿ 34.4 ಡಿಗ್ರಿ ಸೆಲ್ಸಿಯಸ್ ಗರಿಷ್ಠ ಉಷ್ಣಾಂಶ, 19.1 ಡಿಗ್ರಿ ಸೆಲ್ಸಿಯಸ್ ಕನಿಷ್ಠ ಉಷ್ಣಾಂಶ ದಾಖಲಾಗಿದೆ. ನಗರದಲ್ಲಿ 34.4 ಡಿಗ್ರಿ ಸೆಲ್ಸಿಯಸ್ ಗರಿಷ್ಠ ಉಷ್ಣಾಂಶ ದಾಖಲಾಗಿದೆ.
21.1 ಡಿಗ್ರಿ ಸೆಲ್ಸಿಯಸ್ ಕನಿಷ್ಠ ಉಷ್ಣಾಂಶ, ಕೆಐಎಎಲ್‌ನಲ್ಲಿ 34.3 ಡಿಗ್ರಿ ಸೆಲ್ಸಿಯಸ್ ಗರಿಷ್ಠ ಉಷ್ಣಾಂಶ, 19.8 ಡಿಗ್ರಿ ಸೆಲ್ಸಿಯಸ್ ಕನಿಷ್ಠ ಉಷ್ಣಾಂಶ, ಚಿಕ್ಕಬಳ್ಳಾಪುರದಲ್ಲಿ 34.0 ಡಿಗ್ರಿ ಸೆಲ್ಸಿಯಸ್ ಗರಿಷ್ಠ ಉಷ್ಣಾಂಶ, 20.2 ಡಿಗ್ರಿ ಸೆಲ್ಸಿಯಸ್ ಕನಿಷ್ಠ ಉಷ್ಣಾಂಶ, ಕಾರವಾರದಲ್ಲಿ 35.4 ಡಿಗ್ರಿ ಸೆಲ್ಸಿಯಸ್ ಗರಿಷ್ಠ ಉಷ್ಣಾಂಶ, 27.1 ಡಿಗ್ರಿ ಸೆಲ್ಸಿಯಸ್ ಕನಿಷ್ಠ ಉಷ್ಣಾಂಶ, ಮಂಗಳೂರು ಏರ್‌ಪೋರ್ಟ್‌ನಲ್ಲಿ 33.2 ಡಿಗ್ರಿ ಸೆಲ್ಸಿಯಸ್ ಗರಿಷ್ಠ ಉಷ್ಣಾಂಶ, 26.1 ಡಿಗ್ರಿ ಸೆಲ್ಸಿಯಸ್ ಕನಿಷ್ಠ ಉಷ್ಣಾಂಶ, ಶಕ್ತಿನಗರದಲ್ಲಿ 34.6 ಡಿಗ್ರಿ ಸೆಲ್ಸಿಯಸ್ ಗರಿಷ್ಠ ಉಷ್ಣಾಂಶ, 25.8 ಡಿಗ್ರಿ ಸೆಲ್ಸಿಯಸ್ ಕನಿಷ್ಠ ಉಷ್ಣಾಂಶ, ಬೆಳಗಾವಿಯಲ್ಲಿ 35.0 ಡಿಗ್ರಿ ಸೆಲ್ಸಿಯಸ್ ಗರಿಷ್ಠ ಉಷ್ಣಾಂಶ, 20.0 ಡಿಗ್ರಿ ಸೆಲ್ಸಿಯಸ್ ಕನಿಷ್ಠ ಉಷ್ಣಾಂಶ, ಬೀದರ್‌ನಲ್ಲಿ 37.2 ಡಿಗ್ರಿ ಸೆಲ್ಸಿಯಸ್ ಗರಿಷ್ಠ ಉಷ್ಣಾಂಶ,
22.0 ಡಿಗ್ರಿ ಸೆಲ್ಸಿಯಸ್ ಕನಿಷ್ಠ ಉಷ್ಣಾಂಶ, ವಿಜಯಪುರದಲ್ಲಿ 38.2 ಡಿಗ್ರಿ ಸೆಲ್ಸಿಯಸ್ ಗರಿಷ್ಠ ಉಷ್ಣಾಂಶ, 23.4 ಡಿಗ್ರಿ ಸೆಲ್ಸಿಯಸ್ ಕನಿಷ್ಠ ಉಷ್ಣಾಂಶ, ಬಾಗಲಕೋಟೆಯಲ್ಲಿ 37.7 ಡಿಗ್ರಿ ಸೆಲ್ಸಿಯಸ್ ಗರಿಷ್ಠ ಉಷ್ಣಾಂಶ, 23.0 ಡಿಗ್ರಿ ಸೆಲ್ಸಿಯಸ್ ಕನಿಷ್ಠ ಉಷ್ಣಾಂಶ, ಧಾರವಾಡದಲ್ಲಿ 35.4 ಡಿಗ್ರಿ ಸೆಲ್ಸಿಯಸ್ ಗರಿಷ್ಠ ಉಷ್ಣಾಂಶ, 19.0 ಡಿಗ್ರಿ ಸೆಲ್ಸಿಯಸ್ ಕನಿಷ್ಠ ಉಷ್ಣಾಂಶ, ಗದಗದಲ್ಲಿ 37.7 ಡಿಗ್ರಿ ಸೆಲ್ಸಿಯಸ್ ಗರಿಷ್ಠ ಉಷ್ಣಾಂಶ, 22.3 ಡಿಗ್ರಿ ಸೆಲ್ಸಿಯಸ್ ಕನಿಷ್ಠ ಉಷ್ಣಾಂಶ, ಕಲಬುರಗಿಯಲ್ಲಿ 40.6 ಡಿಗ್ರಿ ಸೆಲ್ಸಿಯಸ್ ಗರಿಷ್ಠ ಉಷ್ಣಾಂಶ, 25.8 ಡಿಗ್ರಿ ಸೆಲ್ಸಿಯಸ್ ಕನಿಷ್ಠ ಉಷ್ಣಾಂಶ, ಹಾವೇರಿಯಲ್ಲಿ 36.2 ಡಿಗ್ರಿ ಸೆಲ್ಸಿಯಸ್ ಗರಿಷ್ಠ ಉಷ್ಣಾಂಶ, 22.2 ಡಿಗ್ರಿ ಸೆಲ್ಸಿಯಸ್ ಕನಿಷ್ಠ ಉಷ್ಣಾಂಶ, ಕೊಪ್ಪಳದಲ್ಲಿ 37.8 ಡಿಗ್ರಿ ಸೆಲ್ಸಿಯಸ್ ಗರಿಷ್ಠ ಉಷ್ಣಾಂಶ, 22.7 ಡಿಗ್ರಿ ಸೆಲ್ಸಿಯಸ್ ಕನಿಷ್ಠ ಉಷ್ಣಾಂಶ ದಾಖಲಾಗಿದೆ.
